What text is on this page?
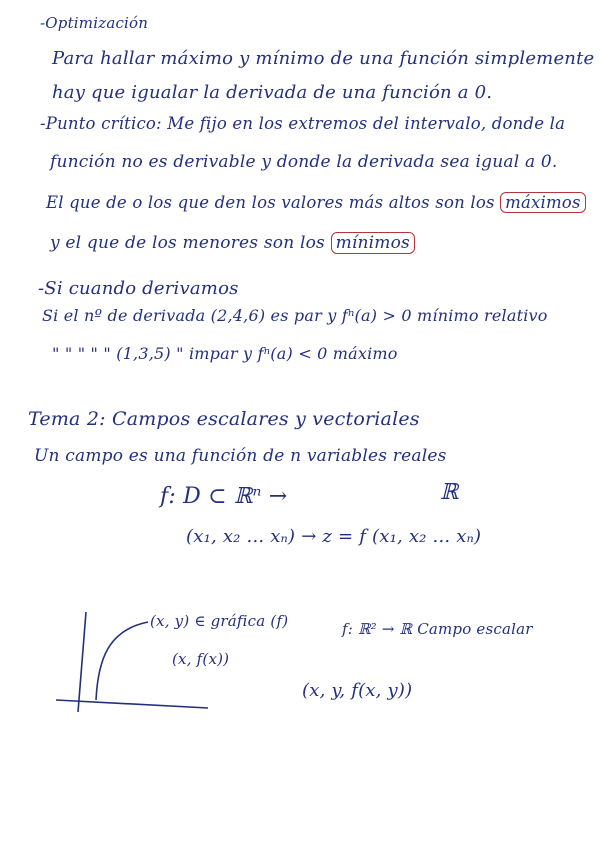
-Optimización
Para hallar máximo y mínimo de una función simplemente
hay que igualar la derivada de una función a 0.
-Punto crítico: Me fijo en los extremos del intervalo, donde la
función no es derivable y donde la derivada sea igual a 0.
El que de o los que den los valores más altos son los máximos
y el que de los menores son los mínimos
-Si cuando derivamos
Si el nº de derivada (2,4,6) es par y fⁿ(a) > 0 mínimo relativo
" " " " " (1,3,5) " impar y fⁿ(a) < 0 máximo
Tema 2: Campos escalares y vectoriales
Un campo es una función de n variables reales
f: D ⊂ ℝⁿ →	ℝ
(x₁, x₂ ... xₙ) → z = f (x₁, x₂ ... xₙ)
(x, y) ∈ gráfica (f)
(x, f(x))
f: ℝ² → ℝ Campo escalar
(x, y, f(x, y))
